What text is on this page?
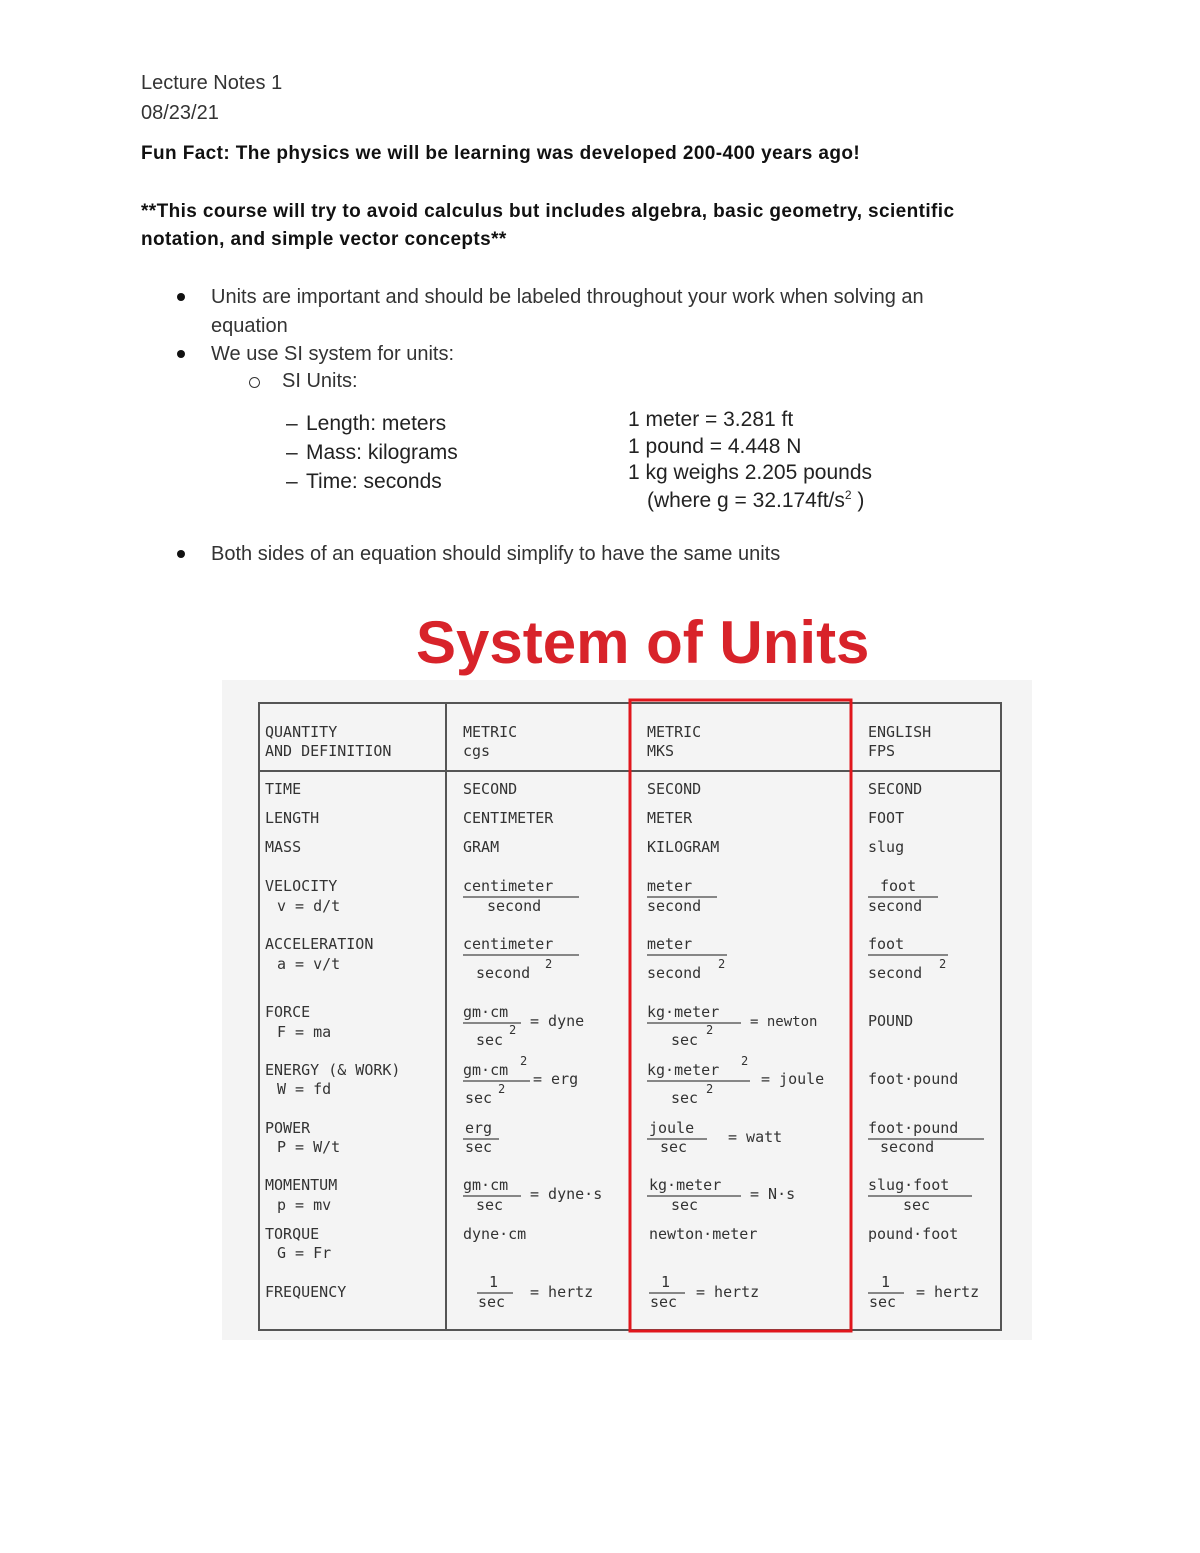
Lecture Notes 1
08/23/21
Fun Fact: The physics we will be learning was developed 200-400 years ago!
**This course will try to avoid calculus but includes algebra, basic geometry, scientific
notation, and simple vector concepts**
Units are important and should be labeled throughout your work when solving an
equation
We use SI system for units:
SI Units:
– Length: meters
– Mass: kilograms
– Time: seconds
1 meter = 3.281 ft
1 pound = 4.448 N
1 kg weighs 2.205 pounds
(where $g = 32.174ft/s^2$ )
Both sides of an equation should simplify to have the same units
System of Units
QUANTITY
AND DEFINITION
METRIC
cgs
METRIC
MKS
ENGLISH
FPS
TIME
LENGTH
MASS
VELOCITY
v = d/t
ACCELERATION
a = v/t
FORCE
F = ma
ENERGY (& WORK)
W = fd
POWER
P = W/t
MOMENTUM
p = mv
TORQUE
G = Fr
FREQUENCY
SECOND
CENTIMETER
GRAM
centimeter
second
centimeter
second 2
gm·cm
sec
2 = dyne
gm·cm 2
sec 2
= erg
erg
sec
gm·cm
sec
= dyne·s
dyne·cm
1
sec
= hertz
SECOND
METER
KILOGRAM
meter
second
meter
second 2
kg·meter
sec
2	= newton
kg·meter 2
sec 2
= joule
joule
sec
= watt
kg·meter
sec
= N·s
newton·meter
1
sec
= hertz
SECOND
FOOT
slug
foot
second
foot
second 2
POUND
foot·pound
foot·pound
second
slug·foot
sec
pound·foot
1
sec
= hertz
